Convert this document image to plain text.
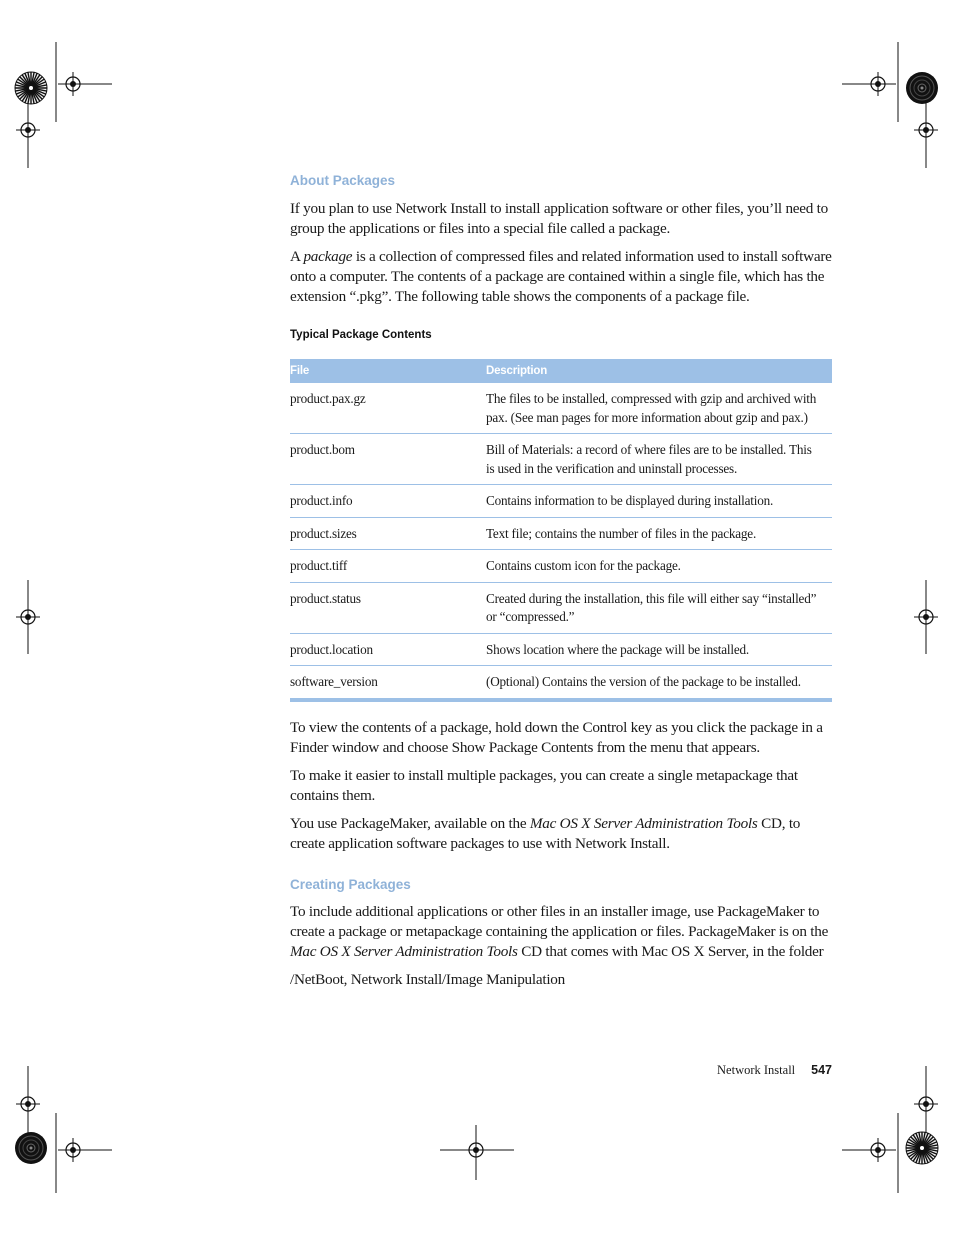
About Packages

If you plan to use Network Install to install application software or other files, you’ll need to group the applications or files into a special file called a package.

A package is a collection of compressed files and related information used to install software onto a computer. The contents of a package are contained within a single file, which has the extension “.pkg”. The following table shows the components of a package file.

Typical Package Contents

File	Description
product.pax.gz	The files to be installed, compressed with gzip and archived with pax. (See man pages for more information about gzip and pax.)
product.bom	Bill of Materials: a record of where files are to be installed. This is used in the verification and uninstall processes.
product.info	Contains information to be displayed during installation.
product.sizes	Text file; contains the number of files in the package.
product.tiff	Contains custom icon for the package.
product.status	Created during the installation, this file will either say “installed” or “compressed.”
product.location	Shows location where the package will be installed.
software_version	(Optional) Contains the version of the package to be installed.

To view the contents of a package, hold down the Control key as you click the package in a Finder window and choose Show Package Contents from the menu that appears.

To make it easier to install multiple packages, you can create a single metapackage that contains them.

You use PackageMaker, available on the Mac OS X Server Administration Tools CD, to create application software packages to use with Network Install.

Creating Packages

To include additional applications or other files in an installer image, use PackageMaker to create a package or metapackage containing the application or files. PackageMaker is on the Mac OS X Server Administration Tools CD that comes with Mac OS X Server, in the folder

/NetBoot, Network Install/Image Manipulation

Network Install 547
